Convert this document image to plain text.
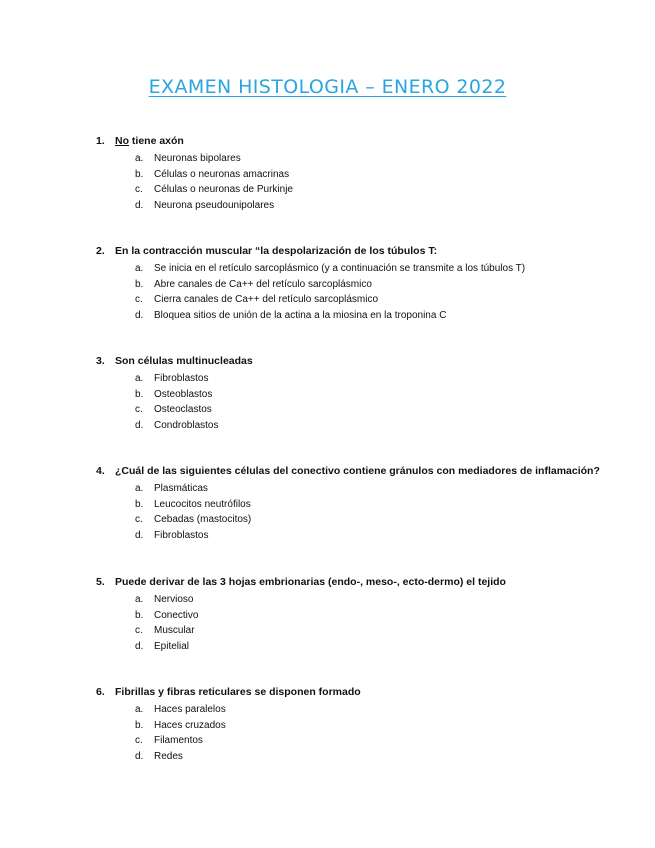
EXAMEN HISTOLOGIA – ENERO 2022
1. No tiene axón
a. Neuronas bipolares
b. Células o neuronas amacrinas
c. Células o neuronas de Purkinje
d. Neurona pseudounipolares
2. En la contracción muscular “la despolarización de los túbulos T:
a. Se inicia en el retículo sarcoplásmico (y a continuación se transmite a los túbulos T)
b. Abre canales de Ca++ del retículo sarcoplásmico
c. Cierra canales de Ca++ del retículo sarcoplásmico
d. Bloquea sitios de unión de la actina a la miosina en la troponina C
3. Son células multinucleadas
a. Fibroblastos
b. Osteoblastos
c. Osteoclastos
d. Condroblastos
4. ¿Cuál de las siguientes células del conectivo contiene gránulos con mediadores de inflamación?
a. Plasmáticas
b. Leucocitos neutrófilos
c. Cebadas (mastocitos)
d. Fibroblastos
5. Puede derivar de las 3 hojas embrionarias (endo-, meso-, ecto-dermo) el tejido
a. Nervioso
b. Conectivo
c. Muscular
d. Epitelial
6. Fibrillas y fibras reticulares se disponen formado
a. Haces paralelos
b. Haces cruzados
c. Filamentos
d. Redes
